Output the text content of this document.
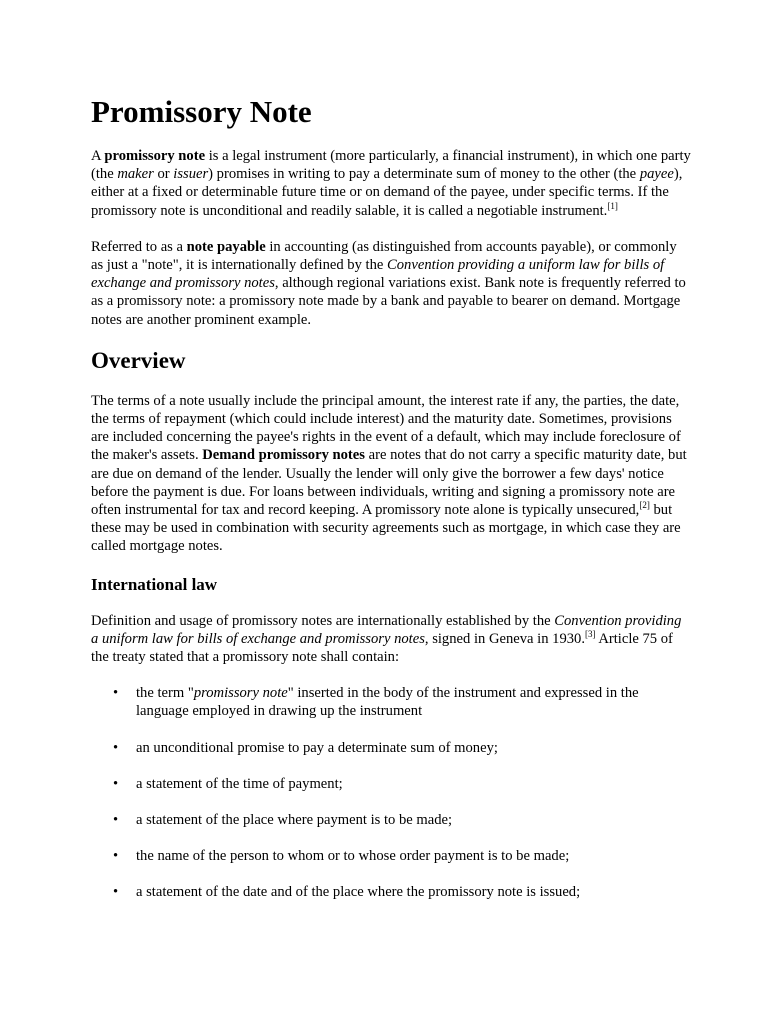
Promissory Note

A promissory note is a legal instrument (more particularly, a financial instrument), in which one party (the maker or issuer) promises in writing to pay a determinate sum of money to the other (the payee), either at a fixed or determinable future time or on demand of the payee, under specific terms. If the promissory note is unconditional and readily salable, it is called a negotiable instrument.[1]

Referred to as a note payable in accounting (as distinguished from accounts payable), or commonly as just a "note", it is internationally defined by the Convention providing a uniform law for bills of exchange and promissory notes, although regional variations exist. Bank note is frequently referred to as a promissory note: a promissory note made by a bank and payable to bearer on demand. Mortgage notes are another prominent example.

Overview

The terms of a note usually include the principal amount, the interest rate if any, the parties, the date, the terms of repayment (which could include interest) and the maturity date. Sometimes, provisions are included concerning the payee's rights in the event of a default, which may include foreclosure of the maker's assets. Demand promissory notes are notes that do not carry a specific maturity date, but are due on demand of the lender. Usually the lender will only give the borrower a few days' notice before the payment is due. For loans between individuals, writing and signing a promissory note are often instrumental for tax and record keeping. A promissory note alone is typically unsecured,[2] but these may be used in combination with security agreements such as mortgage, in which case they are called mortgage notes.

International law

Definition and usage of promissory notes are internationally established by the Convention providing a uniform law for bills of exchange and promissory notes, signed in Geneva in 1930.[3] Article 75 of the treaty stated that a promissory note shall contain:

• the term "promissory note" inserted in the body of the instrument and expressed in the language employed in drawing up the instrument
• an unconditional promise to pay a determinate sum of money;
• a statement of the time of payment;
• a statement of the place where payment is to be made;
• the name of the person to whom or to whose order payment is to be made;
• a statement of the date and of the place where the promissory note is issued;
